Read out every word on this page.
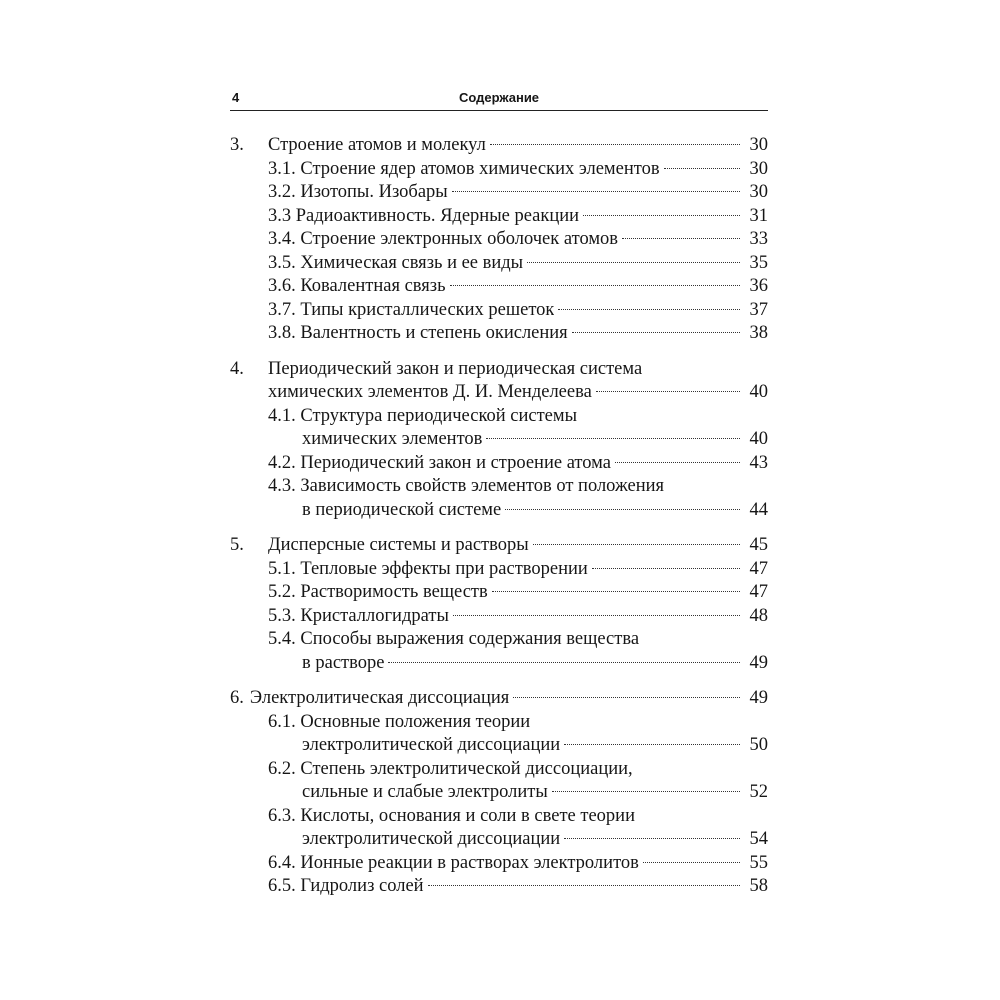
4	Содержание
3. Строение атомов и молекул	30
3.1. Строение ядер атомов химических элементов	30
3.2. Изотопы. Изобары	30
3.3 Радиоактивность. Ядерные реакции	31
3.4. Строение электронных оболочек атомов	33
3.5. Химическая связь и ее виды	35
3.6. Ковалентная связь	36
3.7. Типы кристаллических решеток	37
3.8. Валентность и степень окисления	38
4. Периодический закон и периодическая система
химических элементов Д. И. Менделеева	40
4.1. Структура периодической системы
химических элементов	40
4.2. Периодический закон и строение атома	43
4.3. Зависимость свойств элементов от положения
в периодической системе	44
5. Дисперсные системы и растворы	45
5.1. Тепловые эффекты при растворении	47
5.2. Растворимость веществ	47
5.3. Кристаллогидраты	48
5.4. Способы выражения содержания вещества
в растворе	49
6. Электролитическая диссоциация	49
6.1. Основные положения теории
электролитической диссоциации	50
6.2. Степень электролитической диссоциации,
сильные и слабые электролиты	52
6.3. Кислоты, основания и соли в свете теории
электролитической диссоциации	54
6.4. Ионные реакции в растворах электролитов	55
6.5. Гидролиз солей	58
